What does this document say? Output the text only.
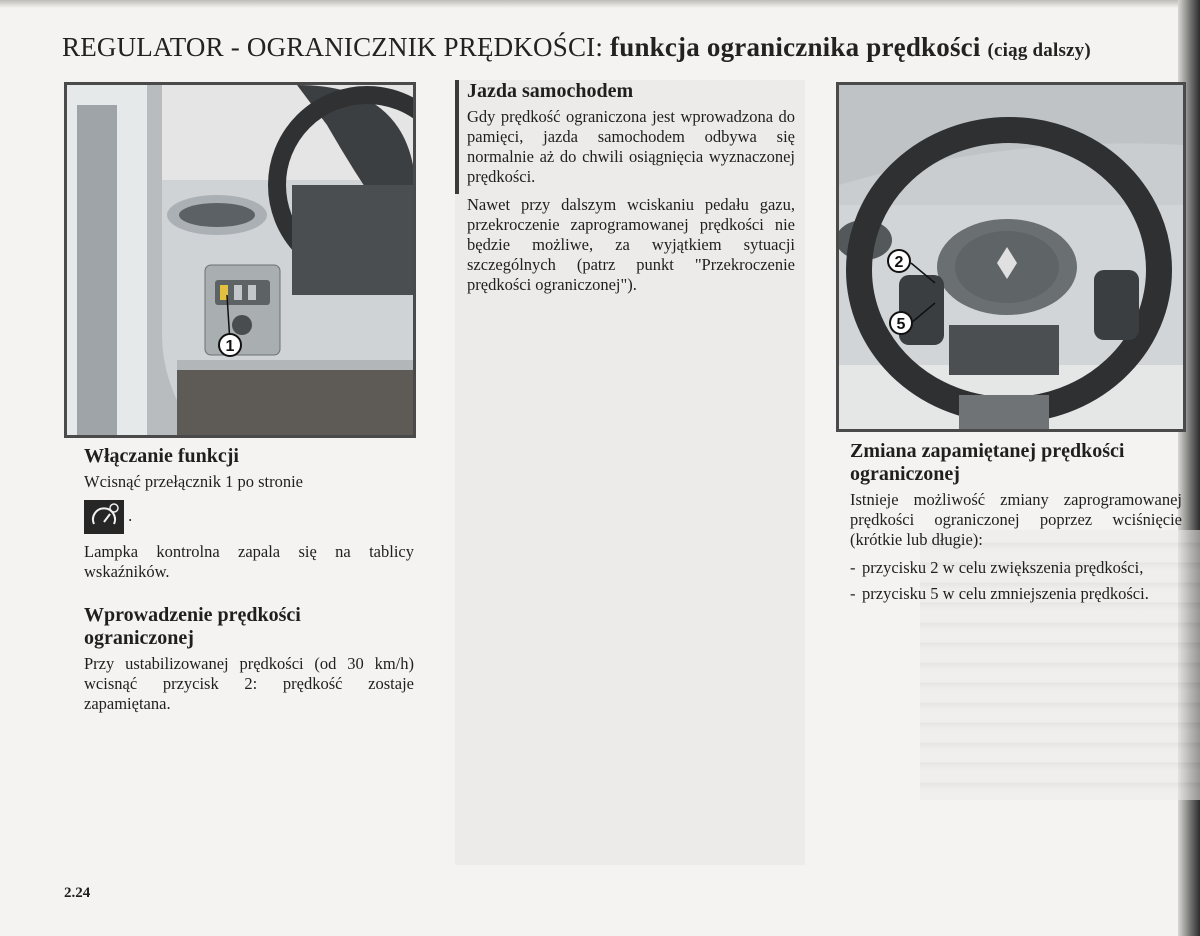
REGULATOR - OGRANICZNIK PRĘDKOŚCI: funkcja ogranicznika prędkości (ciąg dalszy)
1
Jazda samochodem

Gdy prędkość ograniczona jest wprowadzona do pamięci, jazda samochodem odbywa się normalnie aż do chwili osiągnięcia wyznaczonej prędkości.

Nawet przy dalszym wciskaniu pedału gazu, przekroczenie zaprogramowanej prędkości nie będzie możliwe, za wyjątkiem sytuacji szczególnych (patrz punkt "Przekroczenie prędkości ograniczonej").

2
5
Włączanie funkcji

Wcisnąć przełącznik 1 po stronie

.

Lampka kontrolna zapala się na tablicy wskaźników.

Wprowadzenie prędkości ograniczonej

Przy ustabilizowanej prędkości (od 30 km/h) wcisnąć przycisk 2: prędkość zostaje zapamiętana.

Zmiana zapamiętanej prędkości ograniczonej

Istnieje możliwość zmiany zaprogramowanej prędkości ograniczonej poprzez wciśnięcie (krótkie lub długie):

- przycisku 2 w celu zwiększenia prędkości,
- przycisku 5 w celu zmniejszenia prędkości.
2.24
